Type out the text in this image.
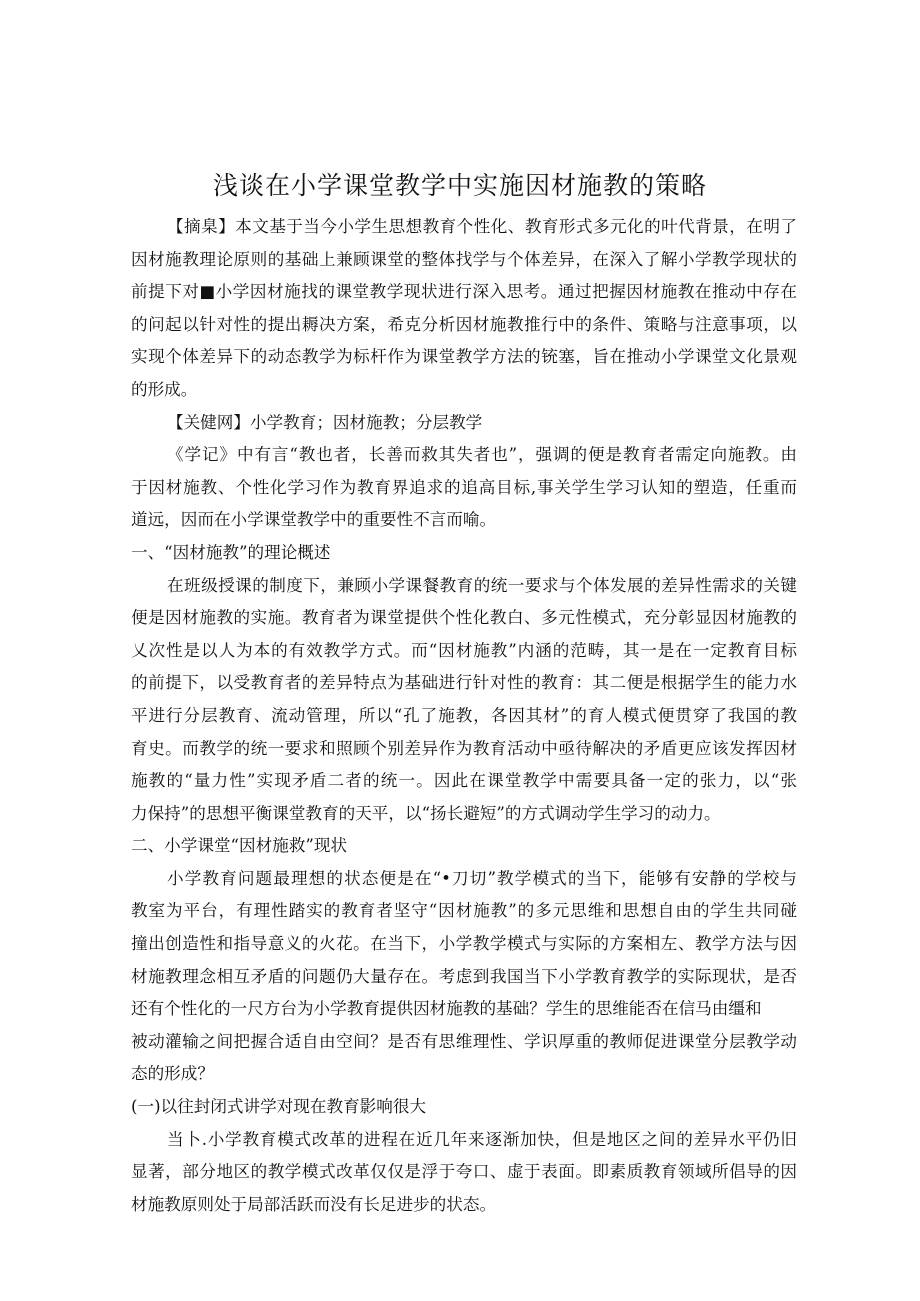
浅谈在小学课堂教学中实施因材施教的策略

【摘臬】本文基于当今小学生思想教育个性化、教育形式多元化的叶代背景，在明了

因材施教理论原则的基础上兼顾课堂的整体找学与个体差异，在深入了解小学教学现状的

前提下对■小学因材施找的课堂教学现状进行深入思考。通过把握因材施教在推动中存在

的问起以针对性的提出耨决方案，希克分析因材施教推行中的条件、策略与注意事项，以

实现个体差异下的动态教学为标杆作为课堂教学方法的铳塞，旨在推动小学课堂文化景观

的形成。

【关健网】小学教育；因材施教；分层教学

《学记》中有言“教也者，长善而救其失者也”，强调的便是教育者需定向施教。由

于因材施教、个性化学习作为教育界追求的追高目标,事关学生学习认知的塑造，任重而

道远，因而在小学课堂教学中的重要性不言而喻。

一、“因材施教”的理论概述

在班级授课的制度下，兼顾小学课餐教育的统一要求与个体发展的差异性需求的关键

便是因材施教的实施。教育者为课堂提供个性化教白、多元性模式，充分彰显因材施教的

乂次性是以人为本的有效教学方式。而“因材施教”内涵的范畴，其一是在一定教育目标

的前提下，以受教育者的差异特点为基础进行针对性的教育：其二便是根据学生的能力水

平进行分层教育、流动管理，所以“孔了施教，各因其材”的育人模式便贯穿了我国的教

育史。而教学的统一要求和照顾个别差异作为教育活动中亟待解决的矛盾更应该发挥因材

施教的“量力性”实现矛盾二者的统一。因此在课堂教学中需要具备一定的张力，以“张

力保持”的思想平衡课堂教育的天平，以“扬长避短”的方式调动学生学习的动力。

二、小学课堂“因材施救”现状

小学教育问题最理想的状态便是在“•刀切”教学模式的当下，能够有安静的学校与

教室为平台，有理性踏实的教育者坚守“因材施教”的多元思维和思想自由的学生共同碰

撞出创造性和指导意义的火花。在当下，小学教学模式与实际的方案相左、教学方法与因

材施教理念相互矛盾的问题仍大量存在。考虑到我国当下小学教育教学的实际现状，是否

还有个性化的一尺方台为小学教育提供因材施教的基础？学生的思维能否在信马由缰和

被动灌输之间把握合适自由空间？是否有思维理性、学识厚重的教师促进课堂分层教学动

态的形成？

(一)以往封闭式讲学对现在教育影响很大

当卜.小学教育模式改革的进程在近几年来逐渐加快，但是地区之间的差异水平仍旧

显著，部分地区的教学模式改革仅仅是浮于夸口、虚于表面。即素质教育领域所倡导的因

材施教原则处于局部活跃而没有长足进步的状态。
